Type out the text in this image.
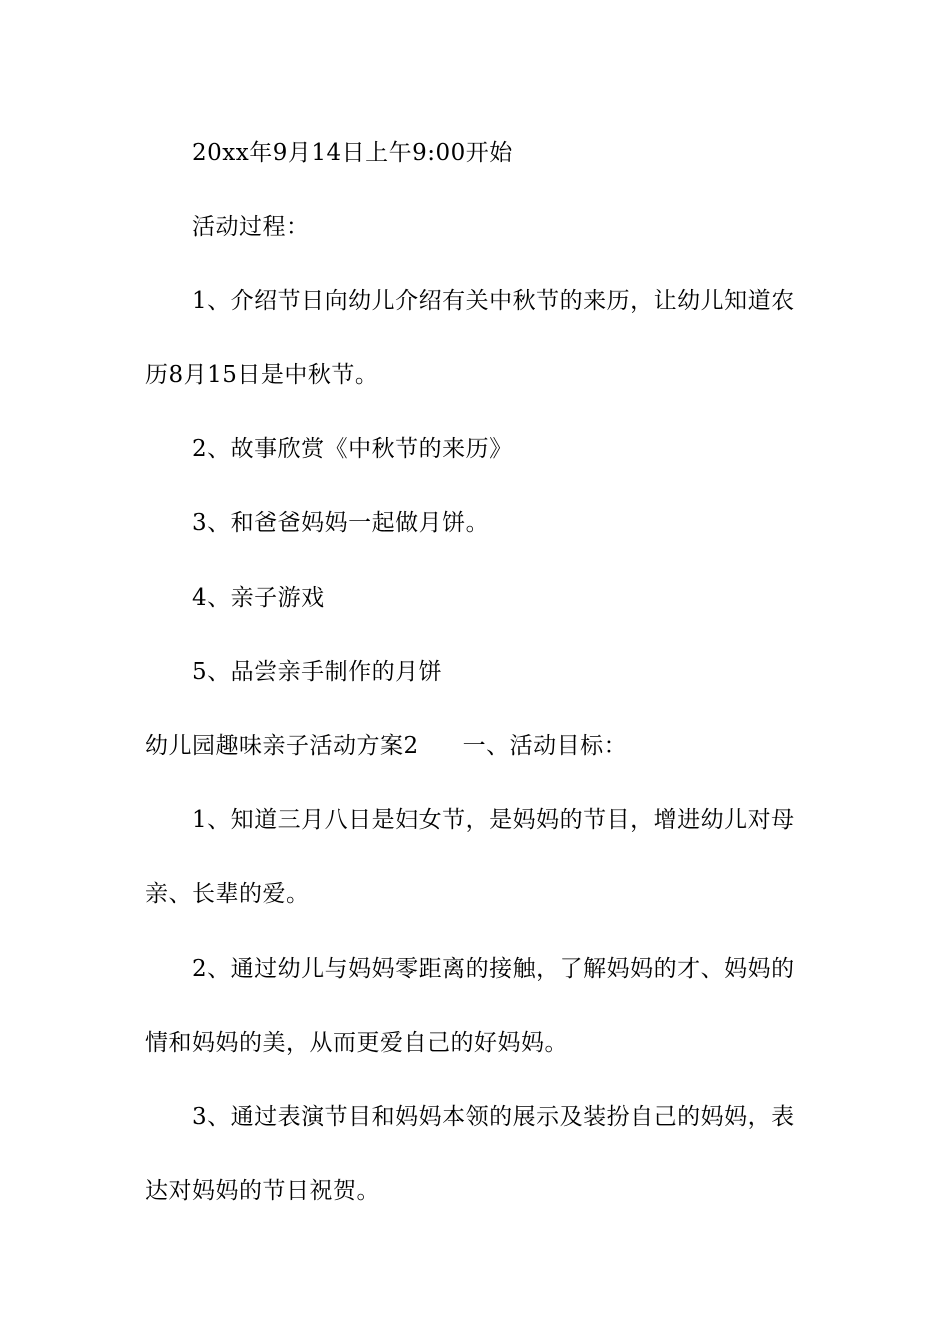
20xx年9月14日上午9:00开始
活动过程：
1、介绍节日向幼儿介绍有关中秋节的来历，让幼儿知道农
历8月15日是中秋节。
2、故事欣赏《中秋节的来历》
3、和爸爸妈妈一起做月饼。
4、亲子游戏
5、品尝亲手制作的月饼
幼儿园趣味亲子活动方案2 一、活动目标：
1、知道三月八日是妇女节，是妈妈的节目，增进幼儿对母
亲、长辈的爱。
2、通过幼儿与妈妈零距离的接触，了解妈妈的才、妈妈的
情和妈妈的美，从而更爱自己的好妈妈。
3、通过表演节目和妈妈本领的展示及装扮自己的妈妈，表
达对妈妈的节日祝贺。
